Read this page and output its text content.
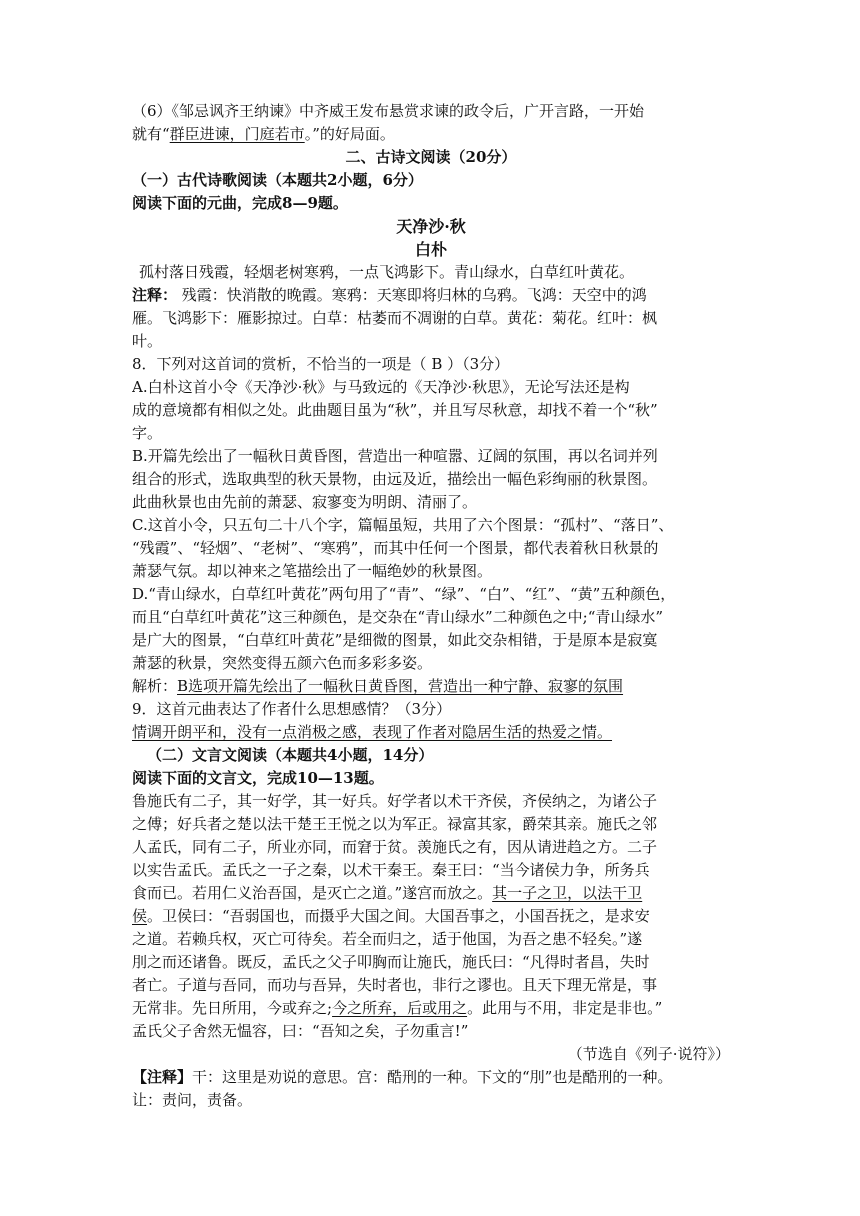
（6）《邹忌讽齐王纳谏》中齐威王发布悬赏求谏的政令后，广开言路，一开始
就有“群臣进谏，门庭若市。”的好局面。
二、古诗文阅读（20分）
（一）古代诗歌阅读（本题共2小题，6分）
阅读下面的元曲，完成8—9题。
天净沙·秋
白朴
孤村落日残霞，轻烟老树寒鸦，一点飞鸿影下。青山绿水，白草红叶黄花。
注释： 残霞：快消散的晚霞。寒鸦：天寒即将归林的乌鸦。飞鸿：天空中的鸿
雁。飞鸿影下：雁影掠过。白草：枯萎而不凋谢的白草。黄花：菊花。红叶：枫
叶。
8．下列对这首词的赏析，不恰当的一项是（ B ）（3分）
A.白朴这首小令《天净沙·秋》与马致远的《天净沙·秋思》，无论写法还是构
成的意境都有相似之处。此曲题目虽为“秋”，并且写尽秋意，却找不着一个“秋”
字。
B.开篇先绘出了一幅秋日黄昏图，营造出一种喧嚣、辽阔的氛围，再以名词并列
组合的形式，选取典型的秋天景物，由远及近，描绘出一幅色彩绚丽的秋景图。
此曲秋景也由先前的萧瑟、寂寥变为明朗、清丽了。
C.这首小令，只五句二十八个字，篇幅虽短，共用了六个图景：“孤村”、“落日”、
“残霞”、“轻烟”、“老树”、“寒鸦”，而其中任何一个图景，都代表着秋日秋景的
萧瑟气氛。却以神来之笔描绘出了一幅绝妙的秋景图。
D.“青山绿水，白草红叶黄花”两句用了“青”、“绿”、“白”、“红”、“黄”五种颜色，
而且“白草红叶黄花”这三种颜色，是交杂在“青山绿水”二种颜色之中;“青山绿水”
是广大的图景，“白草红叶黄花”是细微的图景，如此交杂相错，于是原本是寂寞
萧瑟的秋景，突然变得五颜六色而多彩多姿。
解析：B选项开篇先绘出了一幅秋日黄昏图，营造出一种宁静、寂寥的氛围
9．这首元曲表达了作者什么思想感情？（3分）
情调开朗平和，没有一点消极之感，表现了作者对隐居生活的热爱之情。
（二）文言文阅读（本题共4小题，14分）
阅读下面的文言文，完成10—13题。
鲁施氏有二子，其一好学，其一好兵。好学者以术干齐侯，齐侯纳之，为诸公子
之傅；好兵者之楚以法干楚王王悦之以为军正。禄富其家，爵荣其亲。施氏之邻
人孟氏，同有二子，所业亦同，而窘于贫。羡施氏之有，因从请进趋之方。二子
以实告孟氏。孟氏之一子之秦，以术干秦王。秦王曰：“当今诸侯力争，所务兵
食而已。若用仁义治吾国，是灭亡之道。”遂宫而放之。其一子之卫，以法干卫
侯。卫侯曰：“吾弱国也，而摄乎大国之间。大国吾事之，小国吾抚之，是求安
之道。若赖兵权，灭亡可待矣。若全而归之，适于他国，为吾之患不轻矣。”遂
刖之而还诸鲁。既反，孟氏之父子叩胸而让施氏，施氏曰：“凡得时者昌，失时
者亡。子道与吾同，而功与吾异，失时者也，非行之谬也。且天下理无常是，事
无常非。先日所用，今或弃之;今之所弃，后或用之。此用与不用，非定是非也。”
孟氏父子舍然无愠容，曰：“吾知之矣，子勿重言!”
（节选自《列子·说符》）
【注释】干：这里是劝说的意思。宫：酷刑的一种。下文的“刖”也是酷刑的一种。
让：责问，责备。
